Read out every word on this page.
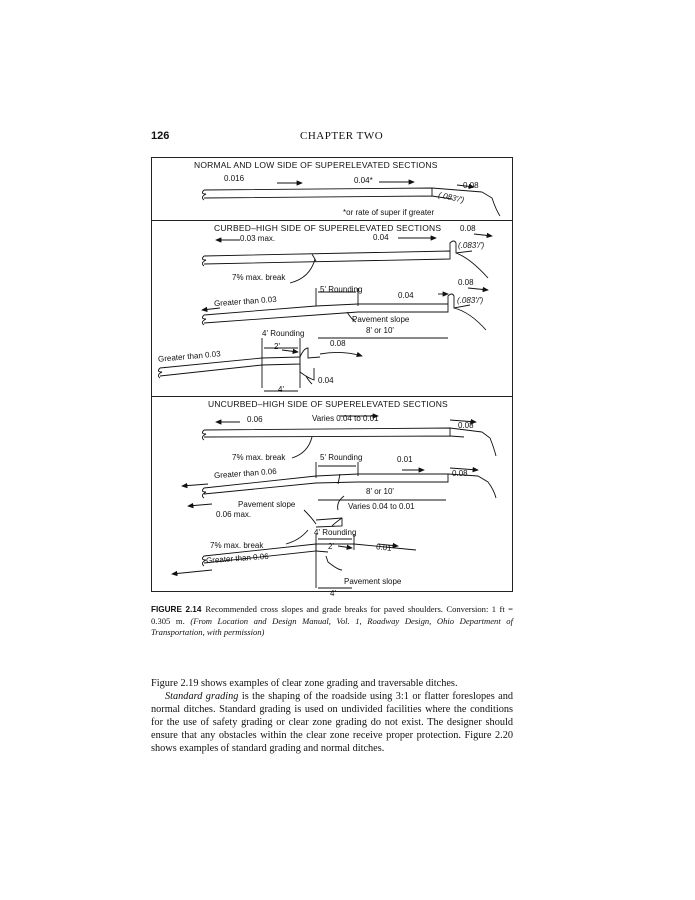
126	CHAPTER TWO
NORMAL AND LOW SIDE OF SUPERELEVATED SECTIONS
0.016	0.04*
0.08
(.083'/')
*or rate of super if greater
CURBED–HIGH SIDE OF SUPERELEVATED SECTIONS 0.08
0.03 max.	0.04
(.083'/')
7% max. break
0.08
5' Rounding
Greater than 0.03	0.04
(.083'/')
Pavement slope
8' or 10'
4' Rounding
2'	0.08
Greater than 0.03
0.04
4'
UNCURBED–HIGH SIDE OF SUPERELEVATED SECTIONS
0.06	Varies 0.04 to 0.01
0.08
7% max. break	5' Rounding	0.01
Greater than 0.06	0.08
8' or 10'
Pavement slope	Varies 0.04 to 0.01
0.06 max.
4' Rounding
7% max. break	2'	0.01
Greater than 0.06
Pavement slope
4'
FIGURE 2.14 Recommended cross slopes and grade breaks for paved shoulders. Conversion: 1 ft = 0.305 m. (From Location and Design Manual, Vol. 1, Roadway Design, Ohio Department of Transportation, with permission)

Figure 2.19 shows examples of clear zone grading and traversable ditches.

Standard grading is the shaping of the roadside using 3:1 or flatter foreslopes and normal ditches. Standard grading is used on undivided facilities where the conditions for the use of safety grading or clear zone grading do not exist. The designer should ensure that any obstacles within the clear zone receive proper protection. Figure 2.20 shows examples of standard grading and normal ditches.
